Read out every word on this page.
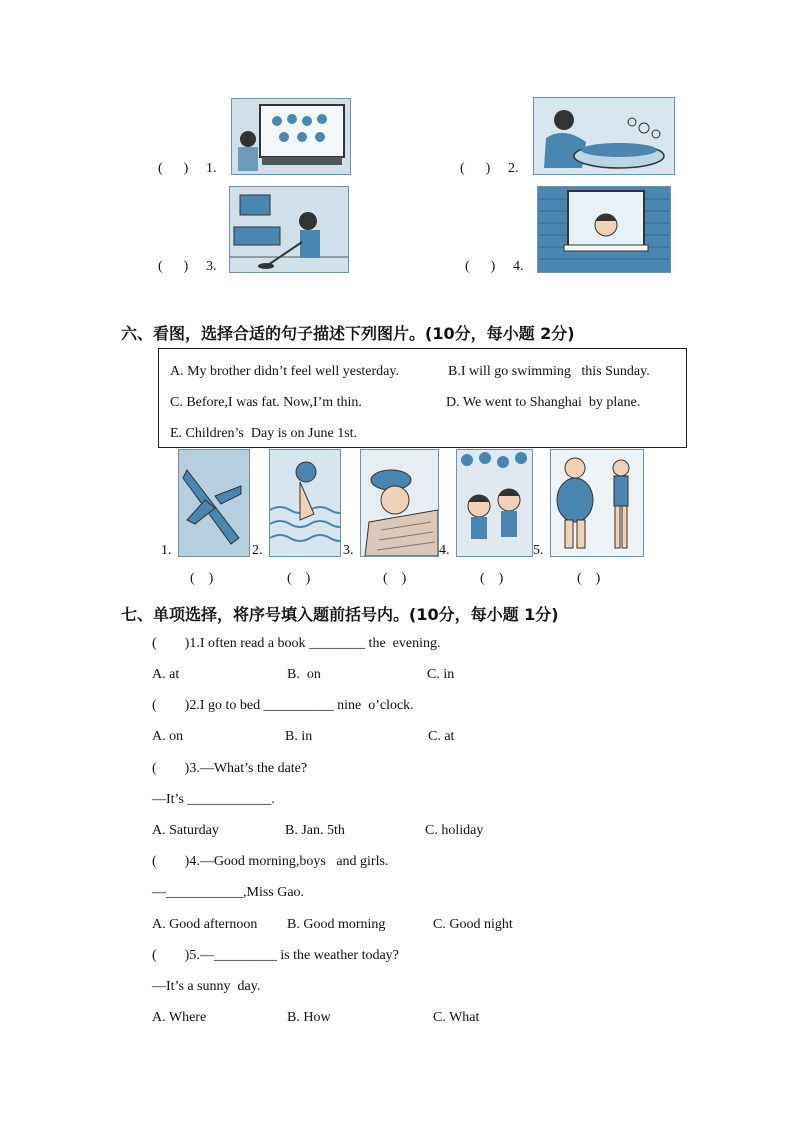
(      ) 1.	(      ) 2.
(      ) 3.	(      ) 4.
六、看图，选择合适的句子描述下列图片。(10分，每小题 2分)
A. My brother didn’t feel well yesterday.	B.I will go swimming   this Sunday.
C. Before,I was fat. Now,I’m thin.	D. We went to Shanghai  by plane.
E. Children’s  Day is on June 1st.
1.	2.	3.	4.	5.
(    )	(    )	(    )	(    )	(    )
七、单项选择，将序号填入题前括号内。(10分，每小题 1分)
(        )1.I often read a book ________ the  evening.
A. at	B.  on	C. in
(        )2.I go to bed __________ nine  o’clock.
A. on	B. in	C. at
(        )3.—What’s the date?
—It’s ____________.
A. Saturday	B. Jan. 5th	C. holiday
(        )4.—Good morning,boys   and girls.
—___________,Miss Gao.
A. Good afternoon B. Good morning	C. Good night
(        )5.—_________ is the weather today?
—It’s a sunny  day.
A. Where	B. How	C. What
